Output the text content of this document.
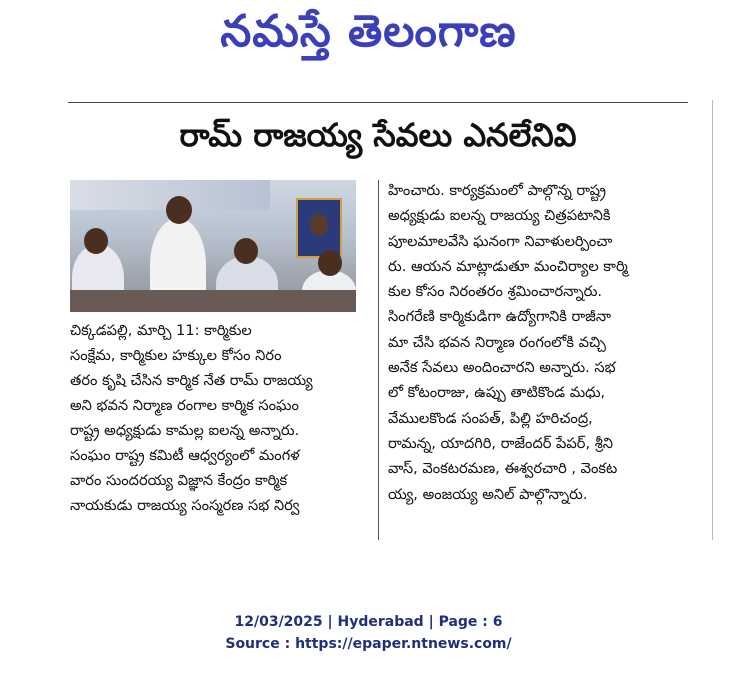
నమస్తే తెలంగాణ
రామ్ రాజయ్య సేవలు ఎనలేనివి
చిక్కడపల్లి, మార్చి 11: కార్మికుల
సంక్షేమ, కార్మికుల హక్కుల కోసం నిరం
తరం కృషి చేసిన కార్మిక నేత రామ్ రాజయ్య
అని భవన నిర్మాణ రంగాల కార్మిక సంఘం
రాష్ట్ర అధ్యక్షుడు కామల్ల ఐలన్న అన్నారు.
సంఘం రాష్ట్ర కమిటీ ఆధ్వర్యంలో మంగళ
వారం సుందరయ్య విజ్ఞాన కేంద్రం కార్మిక
నాయకుడు రాజయ్య సంస్మరణ సభ నిర్వ
హించారు. కార్యక్రమంలో పాల్గొన్న రాష్ట్ర
అధ్యక్షుడు ఐలన్న రాజయ్య చిత్రపటానికి
పూలమాలవేసి ఘనంగా నివాళులర్పించా
రు. ఆయన మాట్లాడుతూ మంచిర్యాల కార్మి
కుల కోసం నిరంతరం శ్రమించారన్నారు.
సింగరేణి కార్మికుడిగా ఉద్యోగానికి రాజీనా
మా చేసి భవన నిర్మాణ రంగంలోకి వచ్చి
అనేక సేవలు అందించారని అన్నారు. సభ
లో కోటంరాజు, ఉప్పు తాటికొండ మధు,
వేములకొండ సంపత్, పిల్లి హరిచంద్ర,
రామన్న, యాదగిరి, రాజేందర్ పేపర్, శ్రీని
వాస్, వెంకటరమణ, ఈశ్వరచారి , వెంకట
య్య, అంజయ్య అనిల్ పాల్గొన్నారు.
12/03/2025 | Hyderabad | Page : 6
Source : https://epaper.ntnews.com/
